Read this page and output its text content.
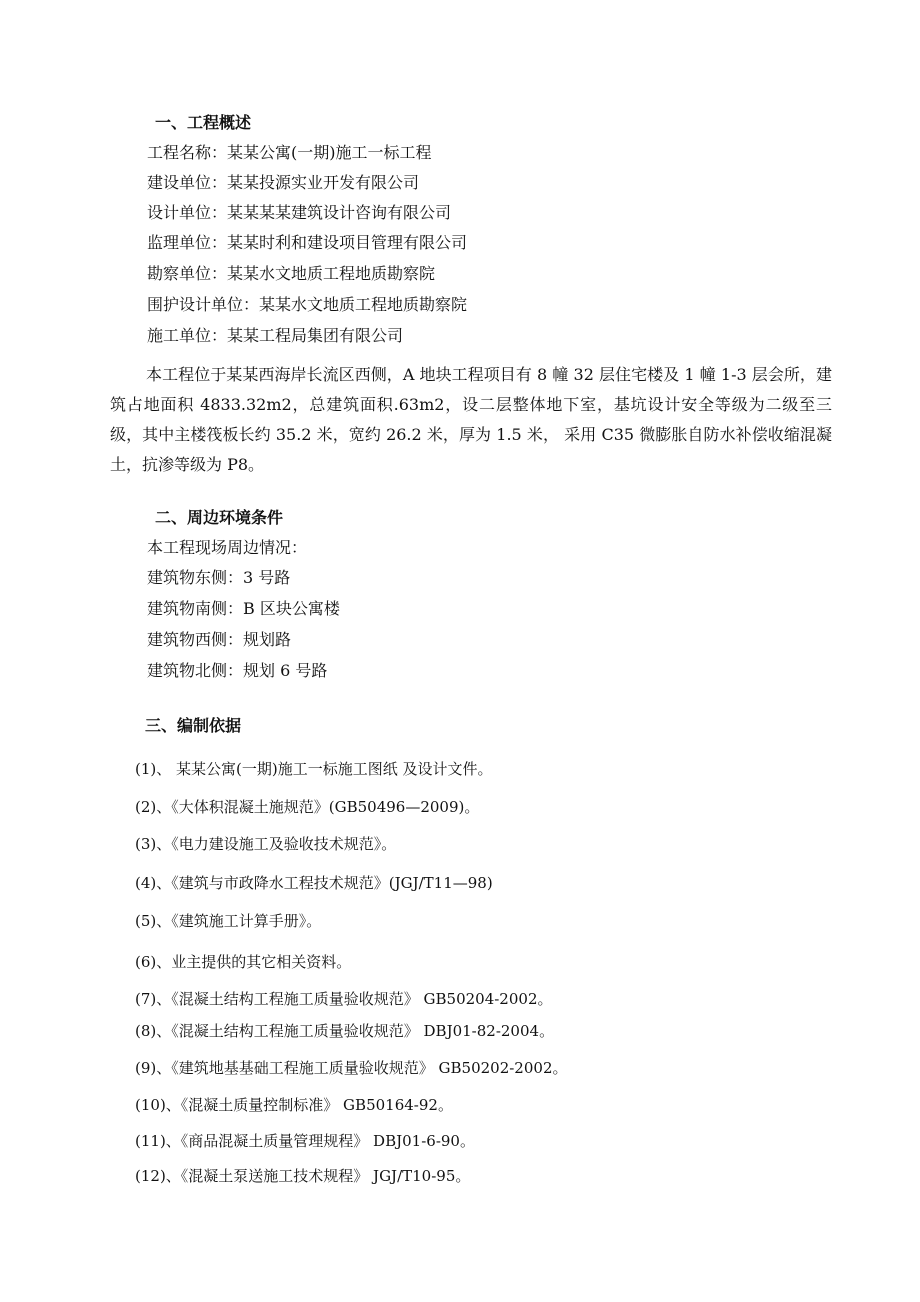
一、工程概述
工程名称：某某公寓(一期)施工一标工程
建设单位：某某投源实业开发有限公司
设计单位：某某某某建筑设计咨询有限公司
监理单位：某某时利和建设项目管理有限公司
勘察单位：某某水文地质工程地质勘察院
围护设计单位：某某水文地质工程地质勘察院
施工单位：某某工程局集团有限公司
本工程位于某某西海岸长流区西侧，A 地块工程项目有 8 幢 32 层住宅楼及 1 幢 1-3 层会所，建筑占地面积 4833.32m2，总建筑面积.63m2，设二层整体地下室，基坑设计安全等级为二级至三级，其中主楼筏板长约 35.2 米，宽约 26.2 米，厚为 1.5 米， 采用 C35 微膨胀自防水补偿收缩混凝土，抗渗等级为 P8。
二、周边环境条件
本工程现场周边情况：
建筑物东侧：3 号路
建筑物南侧：B 区块公寓楼
建筑物西侧：规划路
建筑物北侧：规划 6 号路
三、编制依据
(1)、 某某公寓(一期)施工一标施工图纸 及设计文件。
(2)、《大体积混凝土施规范》(GB50496—2009)。
(3)、《电力建设施工及验收技术规范》。
(4)、《建筑与市政降水工程技术规范》(JGJ/T11—98)
(5)、《建筑施工计算手册》。
(6)、业主提供的其它相关资料。
(7)、《混凝土结构工程施工质量验收规范》 GB50204-2002。
(8)、《混凝土结构工程施工质量验收规范》 DBJ01-82-2004。
(9)、《建筑地基基础工程施工质量验收规范》 GB50202-2002。
(10)、《混凝土质量控制标准》 GB50164-92。
(11)、《商品混凝土质量管理规程》 DBJ01-6-90。
(12)、《混凝土泵送施工技术规程》 JGJ/T10-95。
